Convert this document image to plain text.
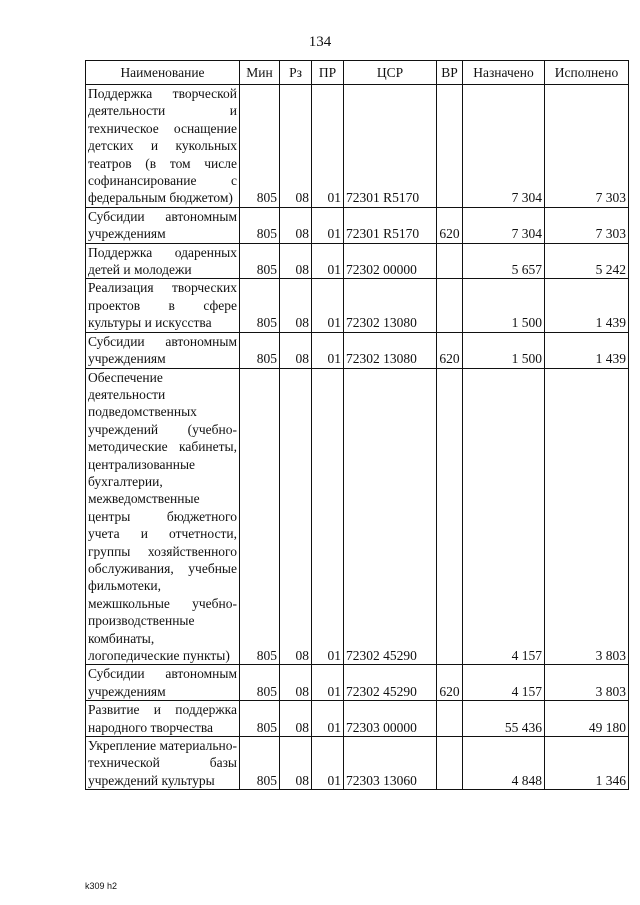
134
Наименование	Мин	Рз	ПР	ЦСР	ВР	Назначено	Исполнено
Поддержка творческой деятельности и техническое оснащение детских и кукольных театров (в том числе софинансирование с федеральным бюджетом)	805	08	01	72301 R5170		7 304	7 303
Субсидии автономным учреждениям	805	08	01	72301 R5170	620	7 304	7 303
Поддержка одаренных детей и молодежи	805	08	01	72302 00000		5 657	5 242
Реализация творческих проектов в сфере культуры и искусства	805	08	01	72302 13080		1 500	1 439
Субсидии автономным учреждениям	805	08	01	72302 13080	620	1 500	1 439
Обеспечение деятельности подведомственных учреждений (учебно-методические кабинеты, централизованные бухгалтерии, межведомственные центры бюджетного учета и отчетности, группы хозяйственного обслуживания, учебные фильмотеки, межшкольные учебно-производственные комбинаты, логопедические пункты)	805	08	01	72302 45290		4 157	3 803
Субсидии автономным учреждениям	805	08	01	72302 45290	620	4 157	3 803
Развитие и поддержка народного творчества	805	08	01	72303 00000		55 436	49 180
Укрепление материально-технической базы учреждений культуры	805	08	01	72303 13060		4 848	1 346
k309 h2
